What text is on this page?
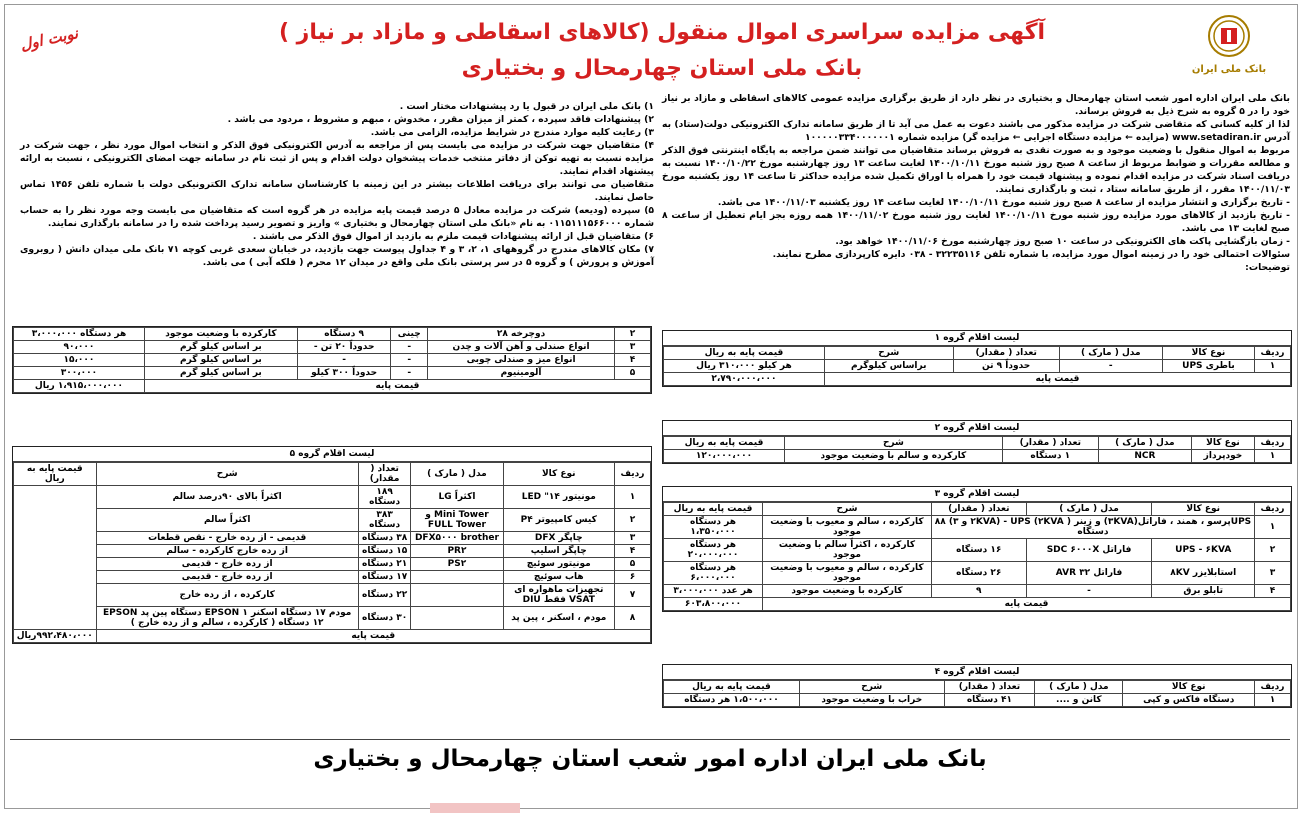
بانک ملی ایران
نوبت اول	آگهی مزایده سراسری اموال منقول (کالاهای اسقاطی و مازاد بر نیاز )
بانک ملی استان چهارمحال و بختیاری

بانک ملی ایران اداره امور شعب استان چهارمحال و بختیاری در نظر دارد از طریق برگزاری مزایده عمومی کالاهای اسقاطی و مازاد بر نیاز خود را در ۵ گروه به شرح ذیل به فروش برساند.

لذا از کلیه کسانی که متقاضی شرکت در مزایده مذکور می باشند دعوت به عمل می آید تا از طریق سامانه تدارک الکترونیکی دولت(ستاد) به آدرس www.setadiran.ir (مزایده ← مزایده دستگاه اجرایی ← مزایده گر) مزایده شماره ۱۰۰۰۰۰۳۳۴۰۰۰۰۰۰۱

مربوط به اموال منقول با وضعیت موجود و به صورت نقدی به فروش برساند متقاضیان می توانند ضمن مراجعه به پایگاه اینترنتی فوق الذکر و مطالعه مقررات و ضوابط مربوط از ساعت ۸ صبح روز شنبه مورخ ۱۴۰۰/۱۰/۱۱ لغایت ساعت ۱۳ روز چهارشنبه مورخ ۱۴۰۰/۱۰/۲۲ نسبت به دریافت اسناد شرکت در مزایده اقدام نموده و پیشنهاد قیمت خود را همراه با اوراق تکمیل شده مزایده حداکثر تا ساعت ۱۴ روز یکشنبه مورخ ۱۴۰۰/۱۱/۰۳ مقرر ، از طریق سامانه ستاد ، ثبت و بارگذاری نمایند.

- تاریخ برگزاری و انتشار مزایده از ساعت ۸ صبح روز شنبه مورخ ۱۴۰۰/۱۰/۱۱ لغایت ساعت ۱۴ روز یکشنبه ۱۴۰۰/۱۱/۰۳ می باشد.

- تاریخ بازدید از کالاهای مورد مزایده روز شنبه مورخ ۱۴۰۰/۱۰/۱۱ لغایت روز شنبه مورخ ۱۴۰۰/۱۱/۰۲ همه روزه بجز ایام تعطیل از ساعت ۸ صبح لغایت ۱۳ می باشد.

- زمان بازگشایی پاکت های الکترونیکی در ساعت ۱۰ صبح روز چهارشنبه مورخ ۱۴۰۰/۱۱/۰۶ خواهد بود.

سئوالات احتمالی خود را در زمینه اموال مورد مزایده، با شماره تلفن ۳۲۲۳۵۱۱۶ - ۰۳۸ دایره کارپردازی مطرح نمایند.

توضیحات:

۱) بانک ملی ایران در قبول یا رد پیشنهادات مختار است .

۲) پیشنهادات فاقد سپرده ، کمتر از میزان مقرر ، مخدوش ، مبهم و مشروط ، مردود می باشد .

۳) رعایت کلیه موارد مندرج در شرایط مزایده، الزامی می باشد.

۴) متقاضیان جهت شرکت در مزایده می بایست پس از مراجعه به آدرس الکترونیکی فوق الذکر و انتخاب اموال مورد نظر ، جهت شرکت در مزایده نسبت به تهیه توکن از دفاتر منتخب خدمات پیشخوان دولت اقدام و پس از ثبت نام در سامانه جهت امضای الکترونیکی ، نسبت به ارائه پیشنهاد اقدام نمایند.

متقاضیان می توانند برای دریافت اطلاعات بیشتر در این زمینه با کارشناسان سامانه تدارک الکترونیکی دولت با شماره تلفن ۱۴۵۶ تماس حاصل نمایند.

۵) سپرده (ودیعه) شرکت در مزایده معادل ۵ درصد قیمت پایه مزایده در هر گروه است که متقاضیان می بایست وجه مورد نظر را به حساب شماره ۰۱۱۵۱۱۱۵۶۶۰۰۰ به نام «بانک ملی استان چهارمحال و بختیاری » واریز و تصویر رسید پرداخت شده را در سامانه بارگذاری نمایند.

۶) متقاضیان قبل از ارائه پیشنهادات قیمت ملزم به بازدید از اموال فوق الذکر می باشند .

۷) مکان کالاهای مندرج در گروههای ۱، ۲، ۳ و ۴ جداول پیوست جهت بازدید، در خیابان سعدی غربی کوچه ۷۱ بانک ملی میدان دانش ( روبروی آموزش و پرورش ) و گروه ۵ در سر پرستی بانک ملی واقع در میدان ۱۲ محرم ( فلکه آبی ) می باشد.

لیست اقلام گروه ۱
ردیف	نوع کالا	مدل ( مارک )	تعداد ( مقدار)	شرح	قیمت پایه به ریال
۱	باطری UPS	-	حدوداً ۹ تن	براساس کیلوگرم	هر کیلو ۳۱۰،۰۰۰ ریال
قیمت پایه					۲،۷۹۰،۰۰۰،۰۰۰
لیست اقلام گروه ۲
ردیف	نوع کالا	مدل ( مارک )	تعداد ( مقدار)	شرح	قیمت پایه به ریال
۱	خودپرداز	NCR	۱ دستگاه	کارکرده و سالم با وضعیت موجود	۱۲۰،۰۰۰،۰۰۰
لیست اقلام گروه ۳
ردیف	نوع کالا	مدل ( مارک )	تعداد ( مقدار)	شرح	قیمت پایه به ریال
۱	UPSپرسو ، همند ، فاراتل(۳KVA) و زینر ( ۲KVA) UPS - (۲KVA و ۳) ۸۸ دستگاه			کارکرده ، سالم و معیوب با وضعیت موجود	هر دستگاه ۱،۳۵۰،۰۰۰
۲	UPS - ۶KVA	فاراتل SDC ۶۰۰۰X	۱۶ دستگاه	کارکرده ، اکثراً سالم با وضعیت موجود	هر دستگاه ۲۰،۰۰۰،۰۰۰
۳	استابلایزر ۸KV	فاراتل ۳۲ AVR	۲۶ دستگاه	کارکرده ، سالم و معیوب با وضعیت موجود	هر دستگاه ۶،۰۰۰،۰۰۰
۴	تابلو برق	-	۹	کارکرده با وضعیت موجود	هر عدد ۳،۰۰۰،۰۰۰
قیمت پایه					۶۰۳،۸۰۰،۰۰۰
لیست اقلام گروه ۴
ردیف	نوع کالا	مدل ( مارک )	تعداد ( مقدار)	شرح	قیمت پایه به ریال
۱	دستگاه فاکس و کپی	کانن و ....	۴۱ دستگاه	خراب با وضعیت موجود	۱،۵۰۰،۰۰۰ هر دستگاه
۲	دوچرخه ۲۸	چینی	۹ دستگاه	کارکرده با وضعیت موجود	هر دستگاه ۳،۰۰۰،۰۰۰
۳	انواع صندلی و آهن آلات و چدن	-	حدوداً ۲۰ تن -	بر اساس کیلو گرم	۹۰،۰۰۰
۴	انواع میز و صندلی چوبی	-	-	بر اساس کیلو گرم	۱۵،۰۰۰
۵	آلومینیوم	-	حدوداً ۳۰۰ کیلو	بر اساس کیلو گرم	۳۰۰،۰۰۰
قیمت پایه					۱،۹۱۵،۰۰۰،۰۰۰ ریال
لیست اقلام گروه ۵
ردیف	نوع کالا	مدل ( مارک )	تعداد ( مقدار)	شرح	قیمت پایه به ریال
۱	مونیتور LED "۱۴	اکثراً LG	۱۸۹ دستگاه	اکثراً بالای ۹۰درصد سالم	
۲	کیس کامپیوتر P۴	Mini Tower و FULL Tower	۳۸۳ دستگاه	اکثراً سالم	
۳	چاپگر DFX	DFX۵۰۰۰ brother	۳۸ دستگاه	قدیمی - از رده خارج - نقص قطعات	
۴	چاپگر اسلیپ	PR۲	۱۵ دستگاه	از رده خارج کارکرده - سالم	
۵	مونیتور سوئیچ	PS۲	۲۱ دستگاه	از رده خارج - قدیمی	
۶	هاب سوئیچ		۱۷ دستگاه	از رده خارج - قدیمی	
۷	تجهیزات ماهواره ای VSAT فقط DIU		۲۲ دستگاه	کارکرده ، از رده خارج	
۸	مودم ، اسکنر ، پین پد		۳۰ دستگاه	مودم ۱۷ دستگاه اسکنر EPSON ۱ دستگاه پین پد EPSON ۱۲ دستگاه ( کارکرده ، سالم و از رده خارج )	
قیمت پایه					۹۹۲،۴۸۰،۰۰۰ریال
بانک ملی ایران اداره امور شعب استان چهارمحال و بختیاری
